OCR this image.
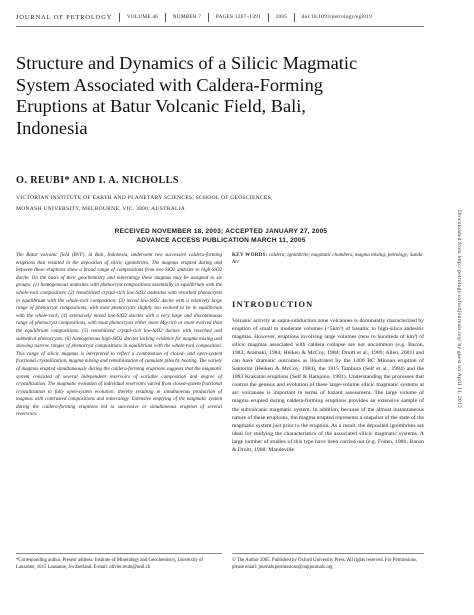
JOURNAL OF PETROLOGY	VOLUME 46	NUMBER 7	PAGES 1367–1391	2005	doi:10.1093/petrology/egi019
Structure and Dynamics of a Silicic Magmatic
System Associated with Caldera-Forming
Eruptions at Batur Volcanic Field, Bali,
Indonesia
O. REUBI* AND I. A. NICHOLLS
VICTORIAN INSTITUTE OF EARTH AND PLANETARY SCIENCES, SCHOOL OF GEOSCIENCES,
MONASH UNIVERSITY, MELBOURNE, VIC. 3800, AUSTRALIA
RECEIVED NOVEMBER 18, 2003; ACCEPTED JANUARY 27, 2005
ADVANCE ACCESS PUBLICATION MARCH 11, 2005
The Batur volcanic field (BVF), in Bali, Indonesia, underwent two successive caldera-forming eruptions that resulted in the deposition of silicic ignimbrites. The magmas erupted during and between these eruptions show a broad range of compositions from low-SiO2 andesite to high-SiO2 dacite. On the basis of their geochemistry and mineralogy these magmas may be assigned to six groups: (1) homogeneous andesites with phenocryst compositions essentially in equilibrium with the whole-rock composition; (2) remobilized crystal-rich low-SiO2 andesites with resorbed phenocrysts in equilibrium with the whole-rock composition; (3) mixed low-SiO2 dacite with a relatively large range of phenocryst compositions, with most phenocrysts slightly too evolved to be in equilibrium with the whole-rock; (4) extensively mixed low-SiO2 dacites with a very large and discontinuous range of phenocryst compositions, with most phenocrysts either more Mg-rich or more evolved than the equilibrium compositions; (5) remobilized crystal-rich low-SiO2 dacites with resorbed and subhedral phenocrysts; (6) homogeneous high-SiO2 dacites lacking evidence for magma mixing and showing narrow ranges of phenocryst compositions in equilibrium with the whole-rock composition. This range of silicic magmas is interpreted to reflect a combination of closed- and open-system fractional crystallization, magma mixing and remobilization of cumulate piles by heating. The variety of magmas erupted simultaneously during the caldera-forming eruptions suggests that the magmatic system consisted of several independent reservoirs of variable composition and degree of crystallization. The magmatic evolution of individual reservoirs varied from closed-system fractional crystallization to fully open-system evolution, thereby resulting in simultaneous production of magmas with contrasted compositions and mineralogy. Extensive emptying of the magmatic system during the caldera-forming eruptions led to successive or simultaneous eruption of several reservoirs.
KEY WORDS: caldera; ignimbrite; magmatic chambers; magma mixing; petrology; Sunda Arc
INTRODUCTION
Volcanic activity at supra-subduction zone volcanoes is dominantly characterized by eruption of small to moderate volumes (<5km³) of basaltic to high-silica andesitic magmas. However, eruptions involving large volumes (tens to hundreds of km³) of silicic magmas associated with caldera collapse are not uncommon (e.g. Bacon, 1983; Aramaki, 1984; Heiken & McCoy, 1984; Druitt et al., 1989; Allen, 2001) and can have dramatic outcomes as illustrated by the 1400 BC Minoan eruption of Santorini (Heiken & McCoy, 1984), the 1815 Tambora (Self et al., 1984) and the 1883 Krakatau eruptions (Self & Rampino, 1981). Understanding the processes that control the genesis and evolution of these large-volume silicic magmatic systems at arc volcanoes is important in terms of hazard assessment. The large volume of magma erupted during caldera-forming eruptions provides an extensive sample of the subvolcanic magmatic system. In addition, because of the almost instantaneous nature of these eruptions, the magma erupted represents a snapshot of the state of the magmatic system just prior to the eruption. As a result, the deposited ignimbrites are ideal for studying the characteristics of the associated silicic magmatic systems. A large number of studies of this type have been carried out (e.g. Foden, 1986; Bacon & Druitt, 1988; Mandeville
*Corresponding author. Present address: Institute of Mineralogy and Geochemistry, University of Lausanne, 1015 Lausanne, Switzerland. E-mail: olivier.reubi@unil.ch
© The Author 2005. Published by Oxford University Press. All rights reserved. For Permissions, please email: journals.permissions@oupjournals.org
Downloaded from http://petrology.oxfordjournals.org/ by guest on April 11, 2012
